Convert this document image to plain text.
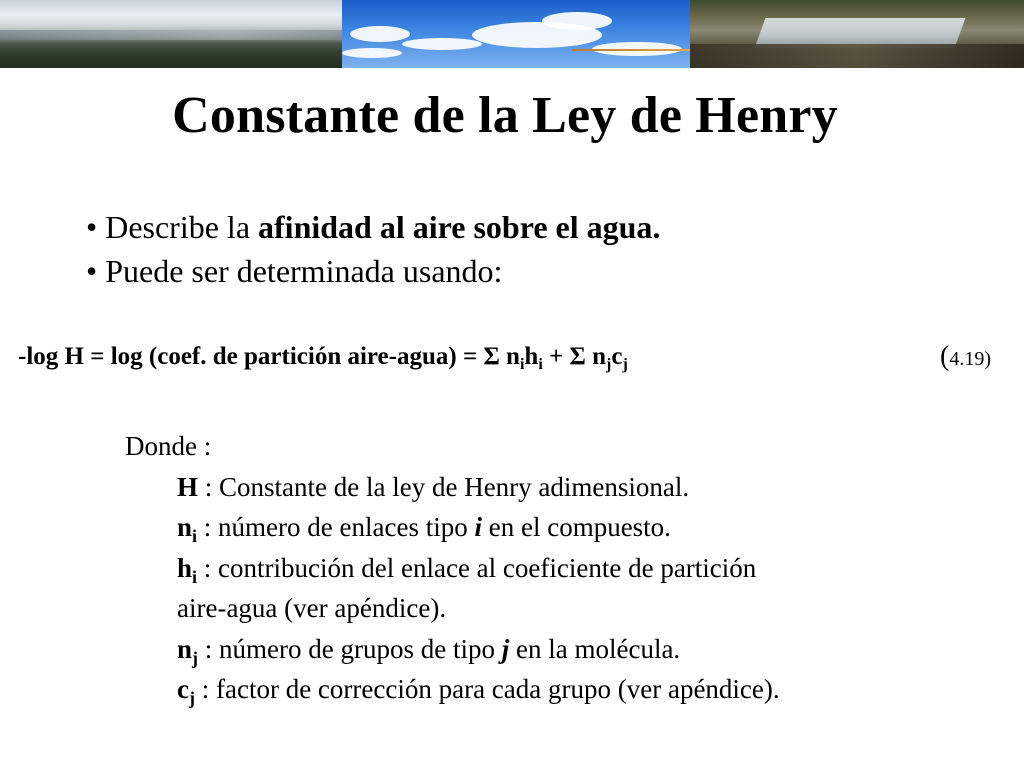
Constante de la Ley de Henry
• Describe la afinidad al aire sobre el agua.
• Puede ser determinada usando:
-log H = log (coef. de partición aire-agua) = Σ $n_ih_i + \Sigma$ $n_jc_j$	(4.19)
Donde :
H : Constante de la ley de Henry adimensional.
$n_i$ : número de enlaces tipo i en el compuesto.
$h_i$ : contribución del enlace al coeficiente de partición
aire-agua (ver apéndice).
$n_j$ : número de grupos de tipo j en la molécula.
$c_j$ : factor de corrección para cada grupo (ver apéndice).
